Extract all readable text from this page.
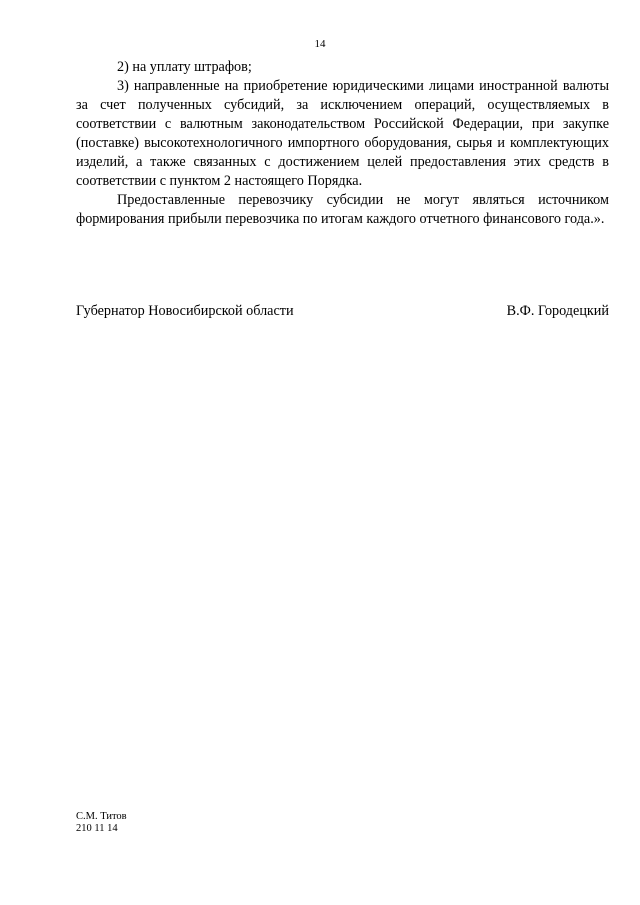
14

2) на уплату штрафов;

3) направленные на приобретение юридическими лицами иностранной валюты за счет полученных субсидий, за исключением операций, осуществляемых в соответствии с валютным законодательством Российской Федерации, при закупке (поставке) высокотехнологичного импортного оборудования, сырья и комплектующих изделий, а также связанных с достижением целей предоставления этих средств в соответствии с пунктом 2 настоящего Порядка.

Предоставленные перевозчику субсидии не могут являться источником формирования прибыли перевозчика по итогам каждого отчетного финансового года.».

Губернатор Новосибирской области	В.Ф. Городецкий
С.М. Титов
210 11 14
